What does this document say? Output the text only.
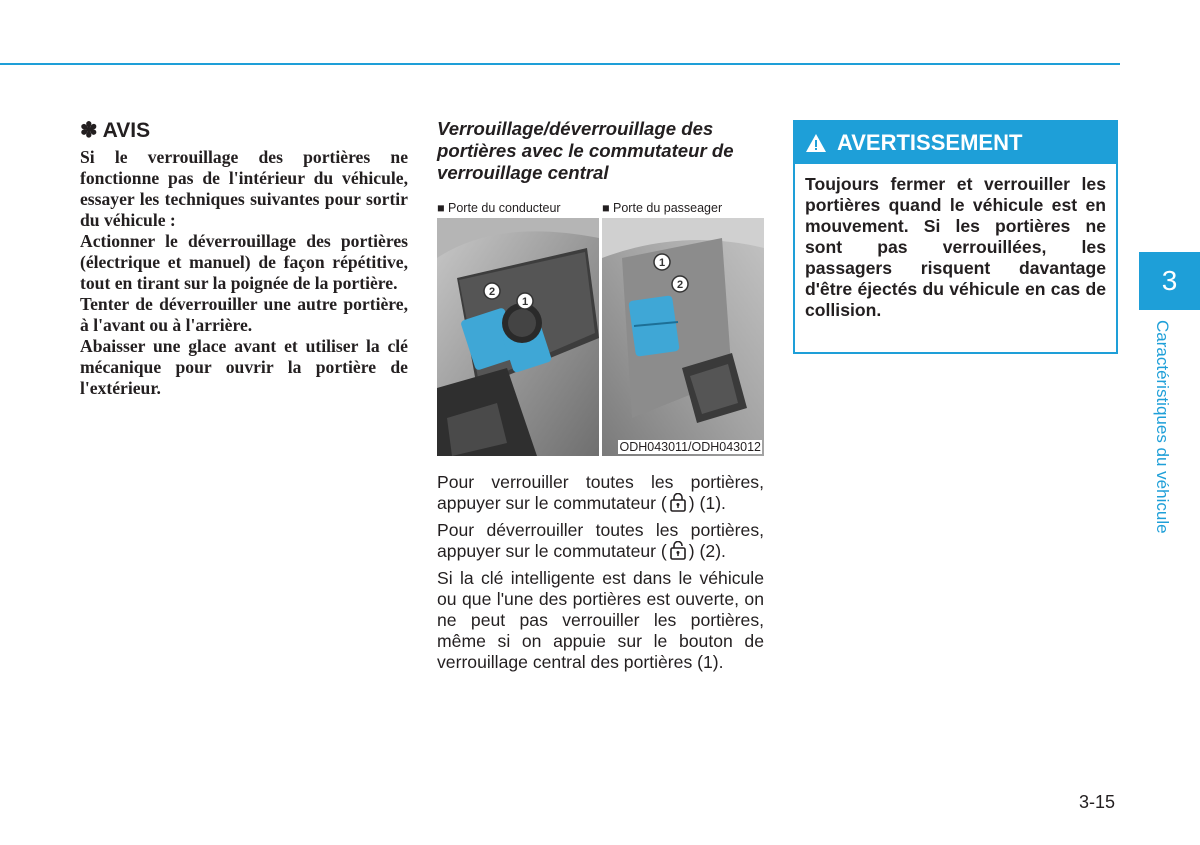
✽ AVIS

Si le verrouillage des portières ne fonctionne pas de l'intérieur du véhicule, essayer les techniques suivantes pour sortir du véhicule :

Actionner le déverrouillage des portières (électrique et manuel) de façon répétitive, tout en tirant sur la poignée de la portière.

Tenter de déverrouiller une autre portière, à l'avant ou à l'arrière.

Abaisser une glace avant et utiliser la clé mécanique pour ouvrir la portière de l'extérieur.

Verrouillage/déverrouillage des portières avec le commutateur de verrouillage central

■ Porte du conducteur
2
1
■ Porte du passeager
1
2
ODH043011/ODH043012

Pour verrouiller toutes les portières, appuyer sur le commutateur ( ) (1).

Pour déverrouiller toutes les portières, appuyer sur le commutateur ( ) (2).

Si la clé intelligente est dans le véhicule ou que l'une des portières est ouverte, on ne peut pas verrouiller les portières, même si on appuie sur le bouton de verrouillage central des portières (1).

AVERTISSEMENT
Toujours fermer et verrouiller les portières quand le véhicule est en mouvement. Si les portières ne sont pas verrouillées, les passagers risquent davantage d'être éjectés du véhicule en cas de collision.
3
Caractéristiques du véhicule
3-15
